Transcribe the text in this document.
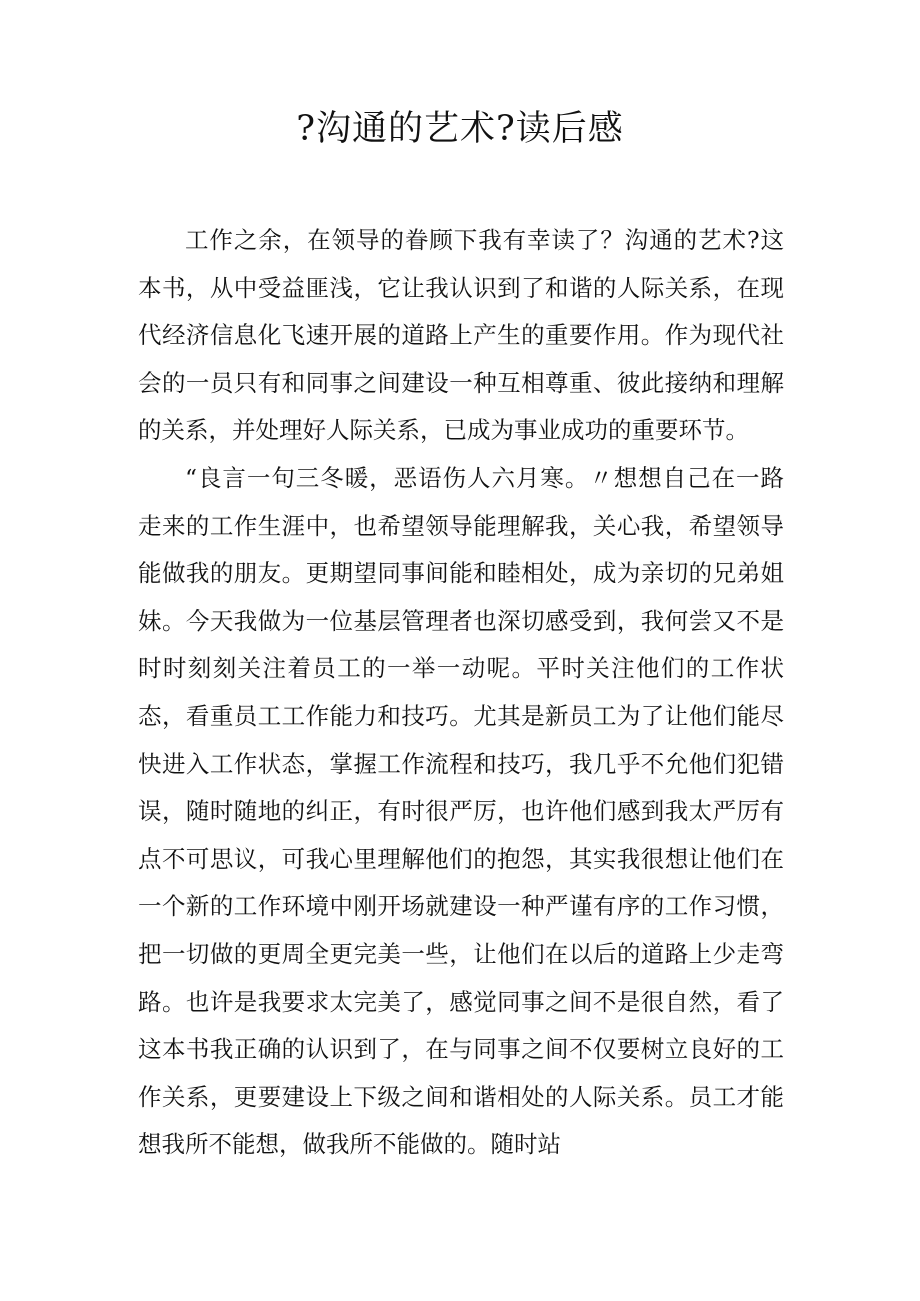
?沟通的艺术?读后感

工作之余，在领导的眷顾下我有幸读了？沟通的艺术?这本书，从中受益匪浅，它让我认识到了和谐的人际关系，在现代经济信息化飞速开展的道路上产生的重要作用。作为现代社会的一员只有和同事之间建设一种互相尊重、彼此接纳和理解的关系，并处理好人际关系，已成为事业成功的重要环节。

“良言一句三冬暖，恶语伤人六月寒。〃想想自己在一路走来的工作生涯中，也希望领导能理解我，关心我，希望领导能做我的朋友。更期望同事间能和睦相处，成为亲切的兄弟姐妹。今天我做为一位基层管理者也深切感受到，我何尝又不是时时刻刻关注着员工的一举一动呢。平时关注他们的工作状态，看重员工工作能力和技巧。尤其是新员工为了让他们能尽快进入工作状态，掌握工作流程和技巧，我几乎不允他们犯错误，随时随地的纠正，有时很严厉，也许他们感到我太严厉有点不可思议，可我心里理解他们的抱怨，其实我很想让他们在一个新的工作环境中刚开场就建设一种严谨有序的工作习惯，把一切做的更周全更完美一些，让他们在以后的道路上少走弯路。也许是我要求太完美了，感觉同事之间不是很自然，看了这本书我正确的认识到了，在与同事之间不仅要树立良好的工作关系，更要建设上下级之间和谐相处的人际关系。员工才能想我所不能想，做我所不能做的。随时站
